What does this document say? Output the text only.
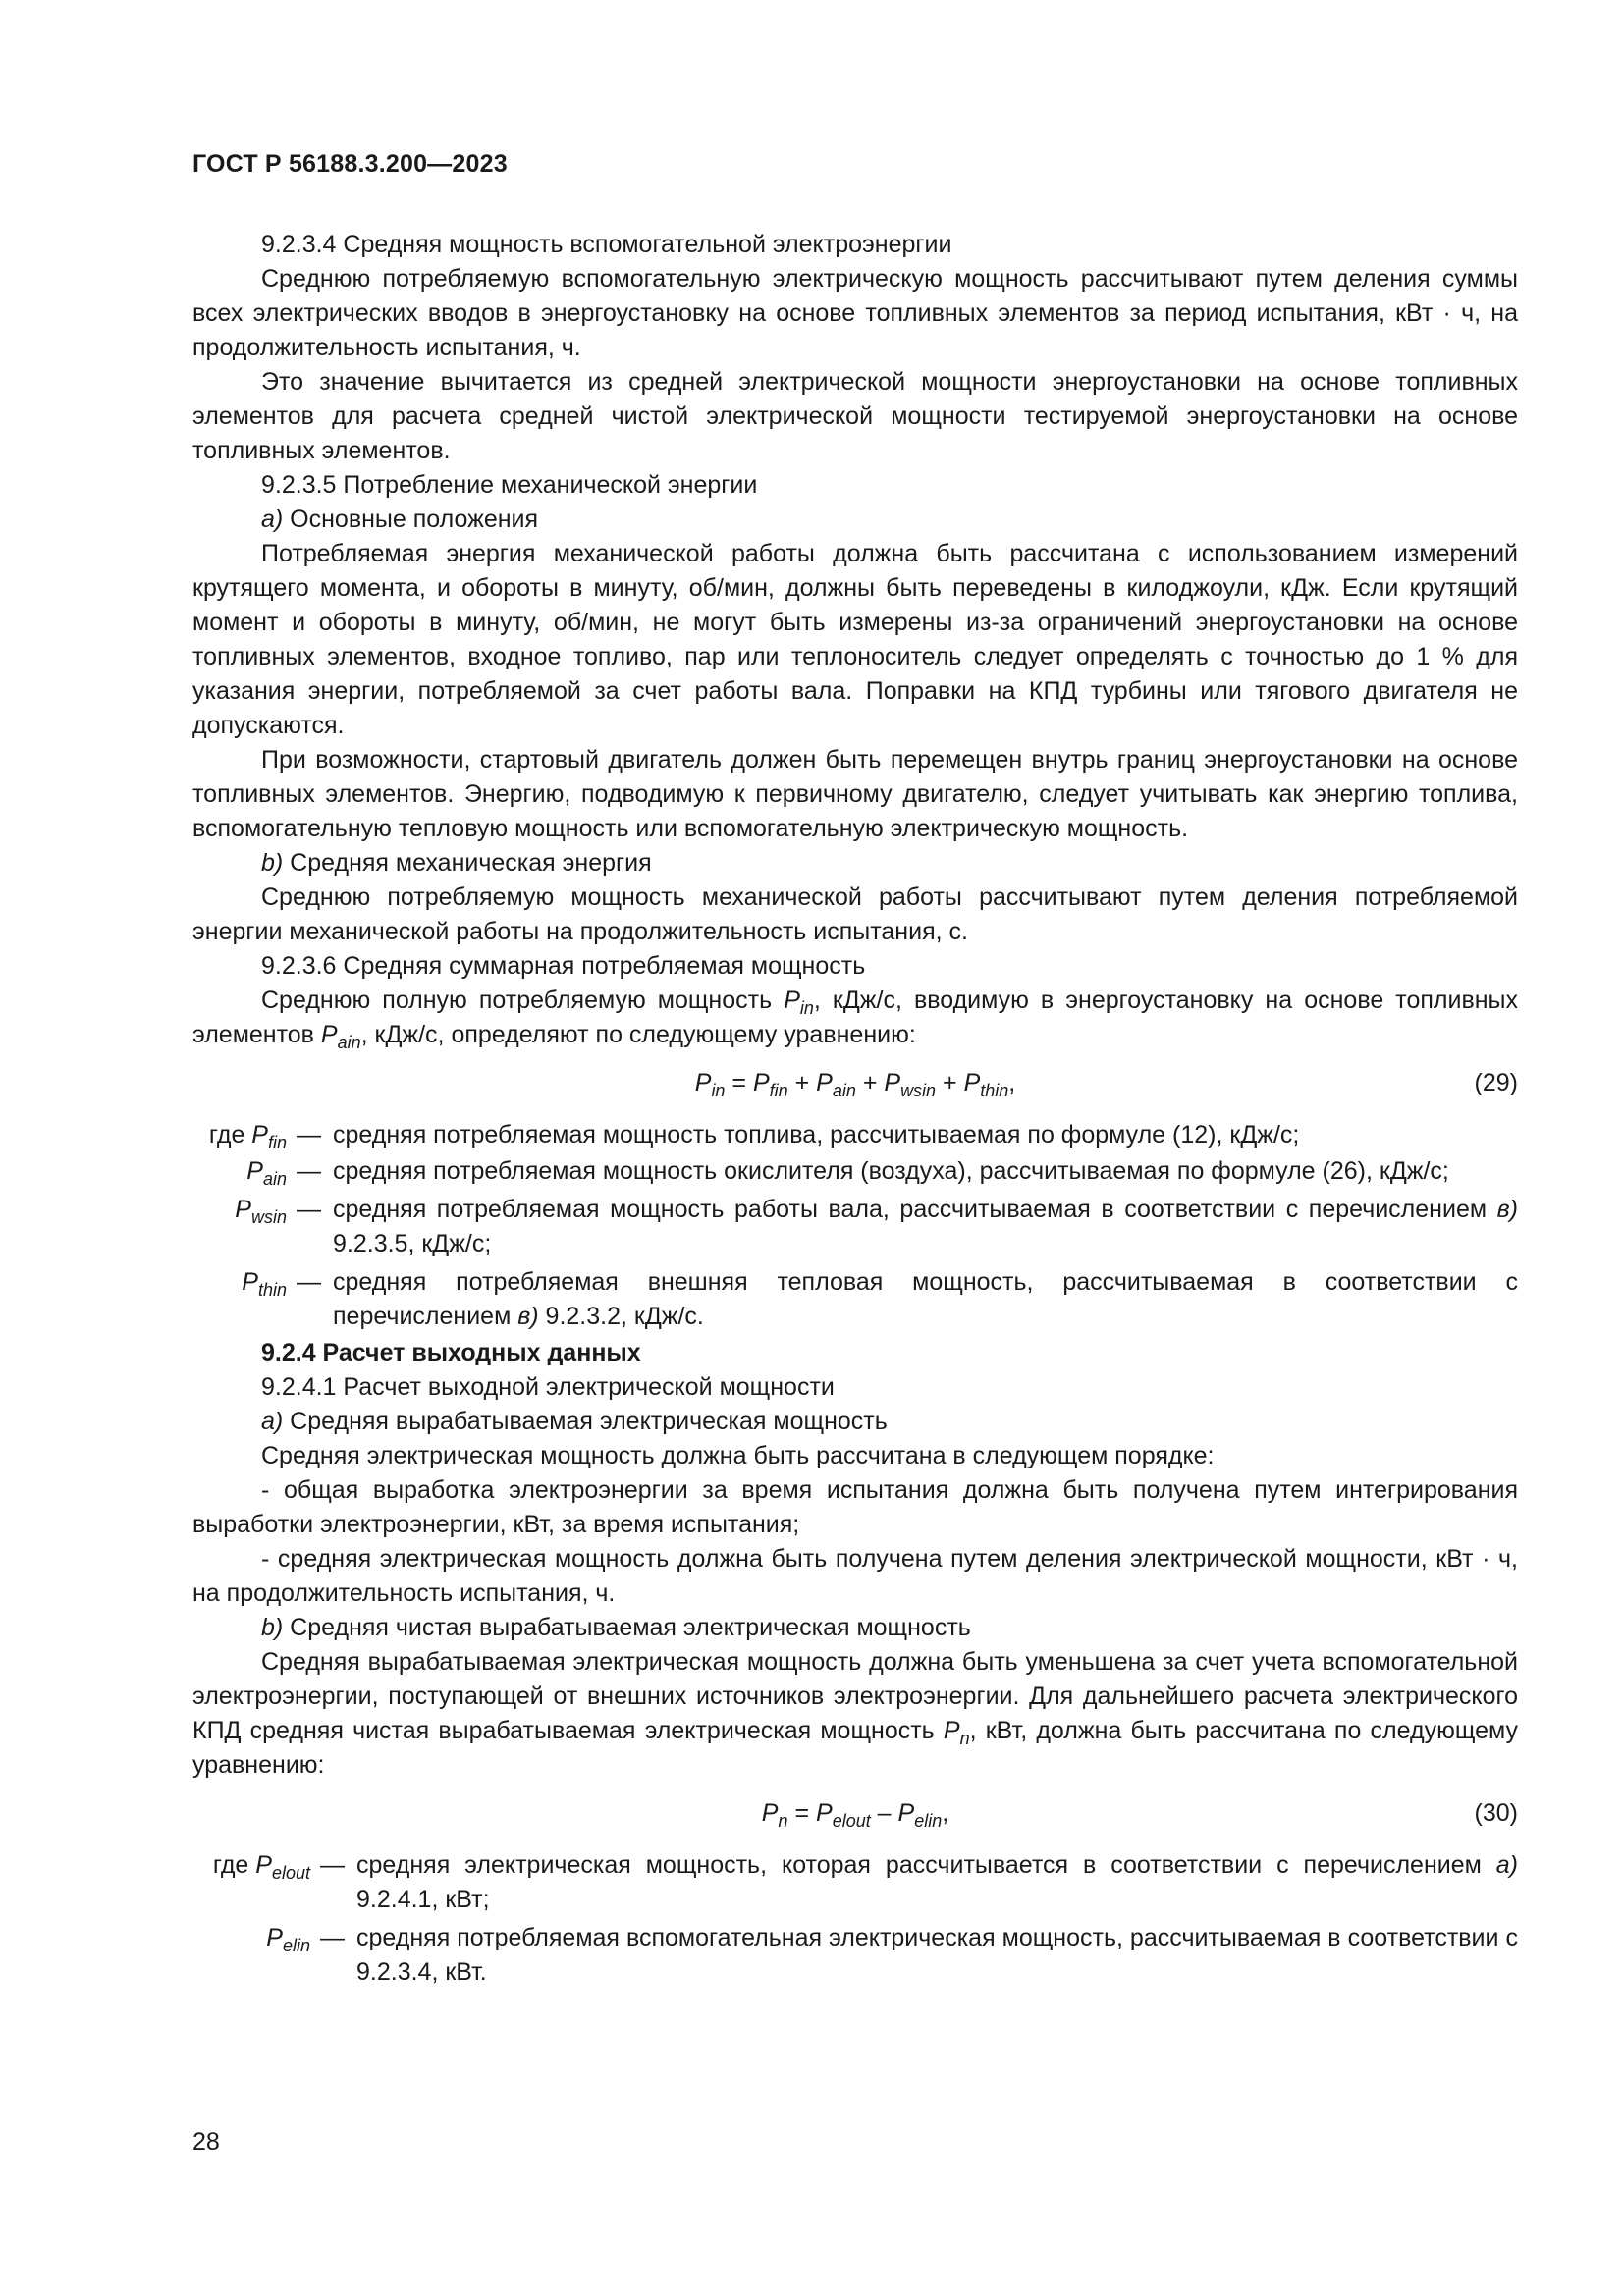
ГОСТ Р 56188.3.200—2023

9.2.3.4 Средняя мощность вспомогательной электроэнергии

Среднюю потребляемую вспомогательную электрическую мощность рассчитывают путем деления суммы всех электрических вводов в энергоустановку на основе топливных элементов за период испытания, кВт · ч, на продолжительность испытания, ч.

Это значение вычитается из средней электрической мощности энергоустановки на основе топливных элементов для расчета средней чистой электрической мощности тестируемой энергоустановки на основе топливных элементов.

9.2.3.5 Потребление механической энергии

а) Основные положения

Потребляемая энергия механической работы должна быть рассчитана с использованием измерений крутящего момента, и обороты в минуту, об/мин, должны быть переведены в килоджоули, кДж. Если крутящий момент и обороты в минуту, об/мин, не могут быть измерены из-за ограничений энергоустановки на основе топливных элементов, входное топливо, пар или теплоноситель следует определять с точностью до 1 % для указания энергии, потребляемой за счет работы вала. Поправки на КПД турбины или тягового двигателя не допускаются.

При возможности, стартовый двигатель должен быть перемещен внутрь границ энергоустановки на основе топливных элементов. Энергию, подводимую к первичному двигателю, следует учитывать как энергию топлива, вспомогательную тепловую мощность или вспомогательную электрическую мощность.

b) Средняя механическая энергия

Среднюю потребляемую мощность механической работы рассчитывают путем деления потребляемой энергии механической работы на продолжительность испытания, с.

9.2.3.6 Средняя суммарная потребляемая мощность

Среднюю полную потребляемую мощность $P_{in}$, кДж/с, вводимую в энергоустановку на основе топливных элементов $P_{ain}$, кДж/с, определяют по следующему уравнению:

$P_{in} = P_{fin} + P_{ain} + P_{wsin} + P_{thin}$,	(29)
где $P_{fin}$ — средняя потребляемая мощность топлива, рассчитываемая по формуле (12), кДж/с;
$P_{ain}$ — средняя потребляемая мощность окислителя (воздуха), рассчитываемая по формуле (26), кДж/с;
$P_{wsin}$ — средняя потребляемая мощность работы вала, рассчитываемая в соответствии с перечислением в) 9.2.3.5, кДж/с;
$P_{thin}$ — средняя потребляемая внешняя тепловая мощность, рассчитываемая в соответствии с перечислением в) 9.2.3.2, кДж/с.

9.2.4 Расчет выходных данных

9.2.4.1 Расчет выходной электрической мощности

а) Средняя вырабатываемая электрическая мощность

Средняя электрическая мощность должна быть рассчитана в следующем порядке:

- общая выработка электроэнергии за время испытания должна быть получена путем интегрирования выработки электроэнергии, кВт, за время испытания;

- средняя электрическая мощность должна быть получена путем деления электрической мощности, кВт · ч, на продолжительность испытания, ч.

b) Средняя чистая вырабатываемая электрическая мощность

Средняя вырабатываемая электрическая мощность должна быть уменьшена за счет учета вспомогательной электроэнергии, поступающей от внешних источников электроэнергии. Для дальнейшего расчета электрического КПД средняя чистая вырабатываемая электрическая мощность $P_n$, кВт, должна быть рассчитана по следующему уравнению:

$P_n = P_{elout} - P_{elin}$,	(30)
где $P_{elout}$ — средняя электрическая мощность, которая рассчитывается в соответствии с перечислением а) 9.2.4.1, кВт;
$P_{elin}$ — средняя потребляемая вспомогательная электрическая мощность, рассчитываемая в соответствии с 9.2.3.4, кВт.
28
